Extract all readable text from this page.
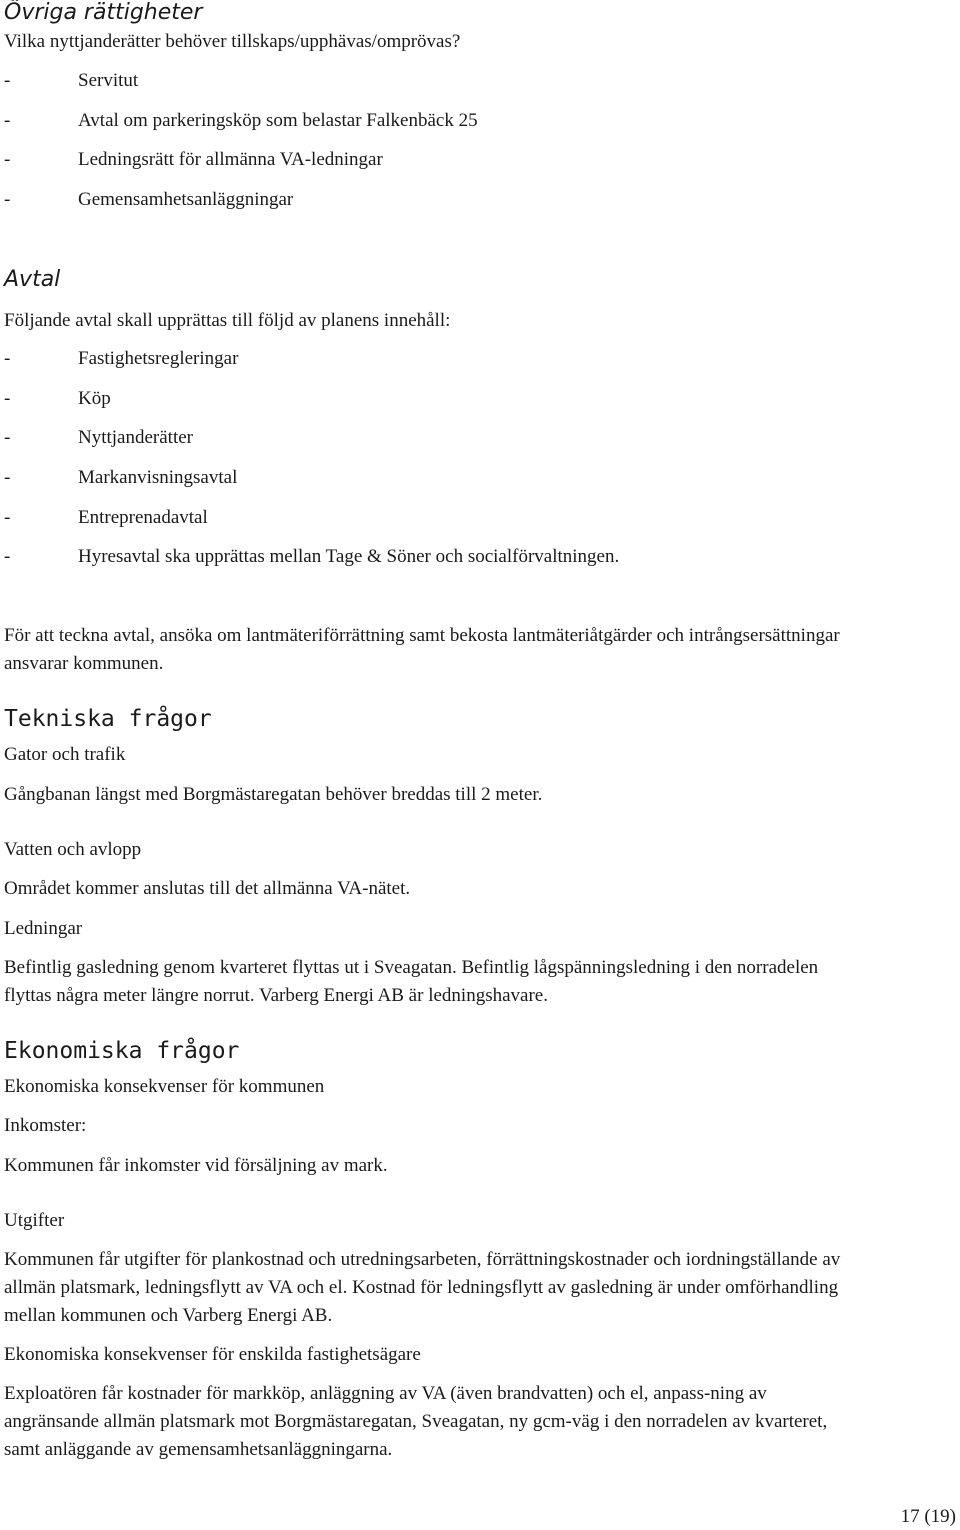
Övriga rättigheter
Vilka nyttjanderätter behöver tillskaps/upphävas/omprövas?
-	Servitut
-	Avtal om parkeringsköp som belastar Falkenbäck 25
-	Ledningsrätt för allmänna VA-ledningar
-	Gemensamhetsanläggningar
Avtal
Följande avtal skall upprättas till följd av planens innehåll:
-	Fastighetsregleringar
-	Köp
-	Nyttjanderätter
-	Markanvisningsavtal
-	Entreprenadavtal
-	Hyresavtal ska upprättas mellan Tage & Söner och socialförvaltningen.
För att teckna avtal, ansöka om lantmäteriförrättning samt bekosta lantmäteriåtgärder och intrångsersättningar ansvarar kommunen.
Tekniska frågor
Gator och trafik
Gångbanan längst med Borgmästaregatan behöver breddas till 2 meter.
Vatten och avlopp
Området kommer anslutas till det allmänna VA-nätet.
Ledningar
Befintlig gasledning genom kvarteret flyttas ut i Sveagatan. Befintlig lågspänningsledning i den norradelen flyttas några meter längre norrut. Varberg Energi AB är ledningshavare.
Ekonomiska frågor
Ekonomiska konsekvenser för kommunen
Inkomster:
Kommunen får inkomster vid försäljning av mark.
Utgifter
Kommunen får utgifter för plankostnad och utredningsarbeten, förrättningskostnader och iordningställande av allmän platsmark, ledningsflytt av VA och el. Kostnad för ledningsflytt av gasledning är under omförhandling mellan kommunen och Varberg Energi AB.
Ekonomiska konsekvenser för enskilda fastighetsägare
Exploatören får kostnader för markköp, anläggning av VA (även brandvatten) och el, anpass-ning av angränsande allmän platsmark mot Borgmästaregatan, Sveagatan, ny gcm-väg i den norradelen av kvarteret, samt anläggande av gemensamhetsanläggningarna.
17 (19)
